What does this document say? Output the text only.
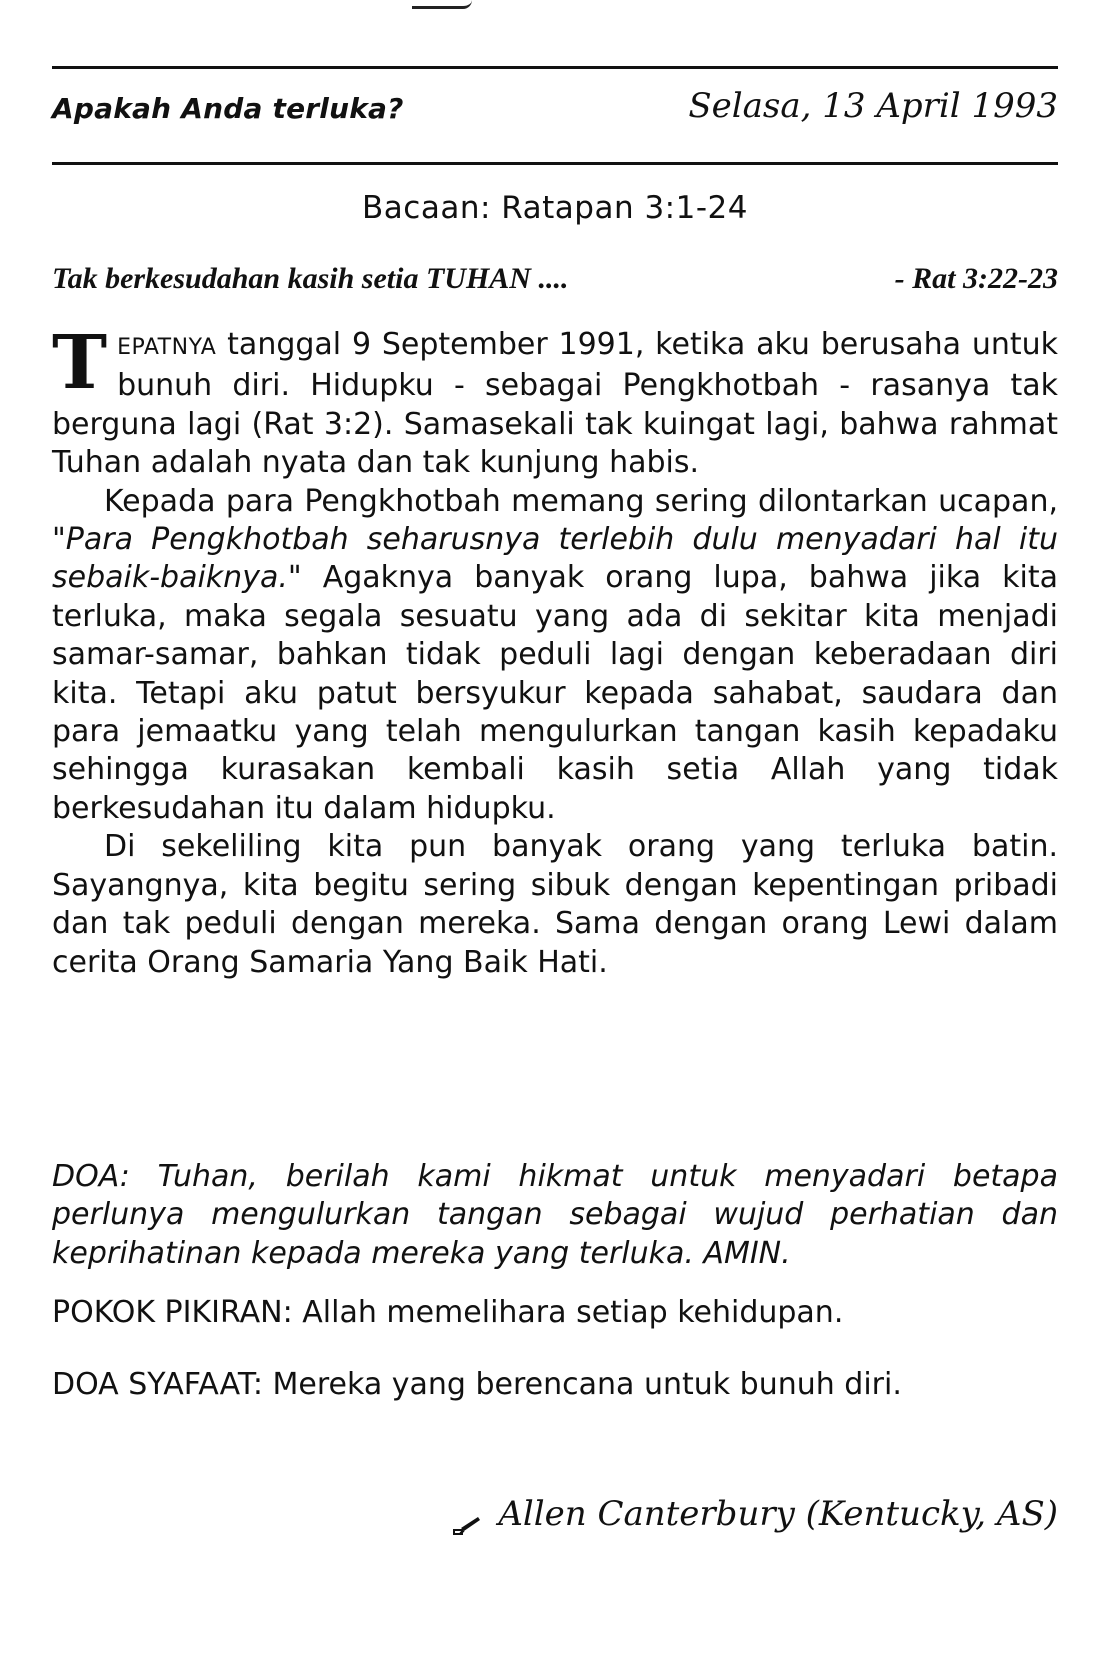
Apakah Anda terluka?	Selasa, 13 April 1993
Bacaan: Ratapan 3:1-24
Tak berkesudahan kasih setia TUHAN ....	- Rat 3:22-23

TEPATNYA tanggal 9 September 1991, ketika aku berusaha untuk bunuh diri. Hidupku - sebagai Pengkhotbah - rasanya tak berguna lagi (Rat 3:2). Samasekali tak kuingat lagi, bahwa rahmat Tuhan adalah nyata dan tak kunjung habis.

Kepada para Pengkhotbah memang sering dilontarkan ucapan, "Para Pengkhotbah seharusnya terlebih dulu menyadari hal itu sebaik-baiknya." Agaknya banyak orang lupa, bahwa jika kita terluka, maka segala sesuatu yang ada di sekitar kita menjadi samar-samar, bahkan tidak peduli lagi dengan keberadaan diri kita. Tetapi aku patut bersyukur kepada sahabat, saudara dan para jemaatku yang telah mengulurkan tangan kasih kepadaku sehingga kurasakan kembali kasih setia Allah yang tidak berkesudahan itu dalam hidupku.

Di sekeliling kita pun banyak orang yang terluka batin. Sayangnya, kita begitu sering sibuk dengan kepentingan pribadi dan tak peduli dengan mereka. Sama dengan orang Lewi dalam cerita Orang Samaria Yang Baik Hati.

DOA: Tuhan, berilah kami hikmat untuk menyadari betapa perlunya mengulurkan tangan sebagai wujud perhatian dan keprihatinan kepada mereka yang terluka. AMIN.
POKOK PIKIRAN: Allah memelihara setiap kehidupan.
DOA SYAFAAT: Mereka yang berencana untuk bunuh diri.
Allen Canterbury (Kentucky, AS)
